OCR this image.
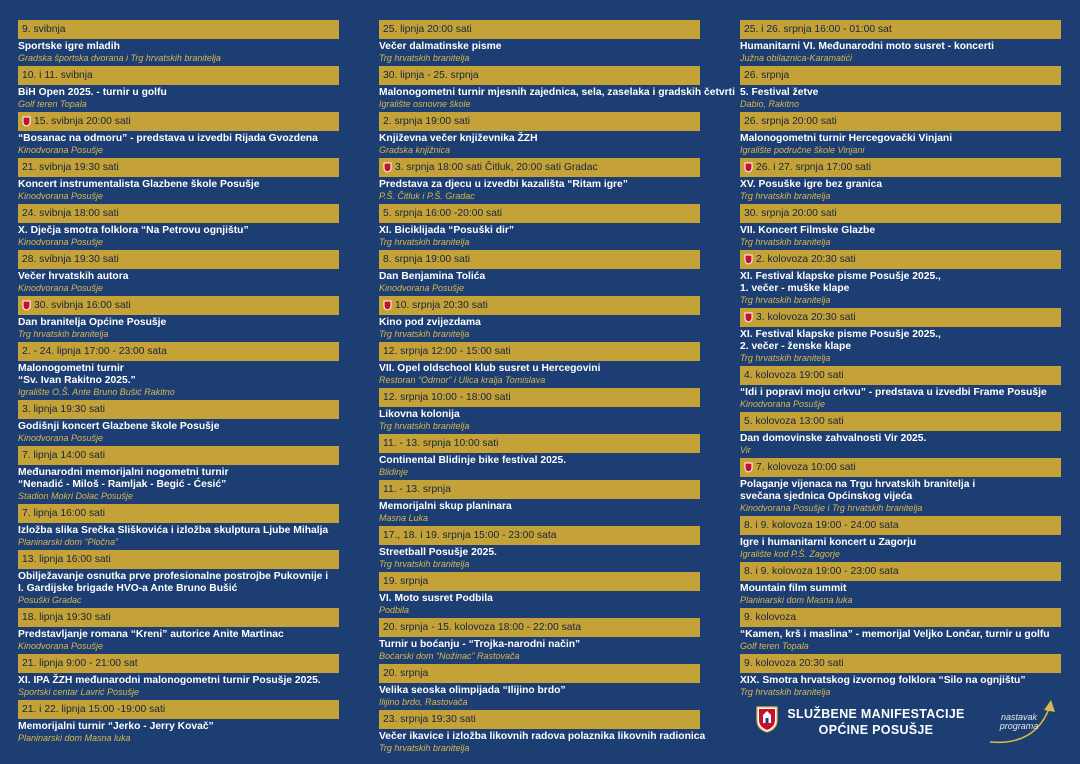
9. svibnja
Sportske igre mladih
Gradska športska dvorana i Trg hrvatskih branitelja
10. i 11. svibnja
BiH Open 2025. - turnir u golfu
Golf teren Topala
15. svibnja 20:00 sati
“Bosanac na odmoru” - predstava u izvedbi Rijada Gvozdena
Kinodvorana Posušje
21. svibnja 19:30 sati
Koncert instrumentalista Glazbene škole Posušje
Kinodvorana Posušje
24. svibnja 18:00 sati
X. Dječja smotra folklora “Na Petrovu ognjištu”
Kinodvorana Posušje
28. svibnja 19:30 sati
Večer hrvatskih autora
Kinodvorana Posušje
30. svibnja 16:00 sati
Dan branitelja Općine Posušje
Trg hrvatskih branitelja
2. - 24. lipnja 17:00 - 23:00 sata
Malonogometni turnir
“Sv. Ivan Rakitno 2025.”
Igralište O.Š. Ante Bruno Bušić Rakitno
3. lipnja 19:30 sati
Godišnji koncert Glazbene škole Posušje
Kinodvorana Posušje
7. lipnja 14:00 sati
Međunarodni memorijalni nogometni turnir
“Nenadić - Miloš - Ramljak - Begić - Ćesić”
Stadion Mokri Dolac Posušje
7. lipnja 16:00 sati
Izložba slika Srečka Sliškovića i izložba skulptura Ljube Mihalja
Planinarski dom “Pločna”
13. lipnja 16:00 sati
Obilježavanje osnutka prve profesionalne postrojbe Pukovnije i
I. Gardijske brigade HVO-a Ante Bruno Bušić
Posuški Gradac
18. lipnja 19:30 sati
Predstavljanje romana “Kreni” autorice Anite Martinac
Kinodvorana Posušje
21. lipnja 9:00 - 21:00 sat
XI. IPA ŽZH međunarodni malonogometni turnir Posušje 2025.
Sportski centar Lavrić Posušje
21. i 22. lipnja 15:00 -19:00 sati
Memorijalni turnir “Jerko - Jerry Kovač”
Planinarski dom Masna luka
25. lipnja 20:00 sati
Večer dalmatinske pisme
Trg hrvatskih branitelja
30. lipnja - 25. srpnja
Malonogometni turnir mjesnih zajednica, sela, zaselaka i gradskih četvrti
Igralište osnovne škole
2. srpnja 19:00 sati
Književna večer književnika ŽZH
Gradska knjižnica
3. srpnja 18:00 sati Čitluk, 20:00 sati Gradac
Predstava za djecu u izvedbi kazališta “Ritam igre”
P.Š. Čitluk i P.Š. Gradac
5. srpnja 16:00 -20:00 sati
XI. Biciklijada “Posuški dir”
Trg hrvatskih branitelja
8. srpnja 19:00 sati
Dan Benjamina Tolića
Kinodvorana Posušje
10. srpnja 20:30 sati
Kino pod zvijezdama
Trg hrvatskih branitelja
12. srpnja 12:00 - 15:00 sati
VII. Opel oldschool klub susret u Hercegovini
Restoran “Odmor” i Ulica kralja Tomislava
12. srpnja 10:00 - 18:00 sati
Likovna kolonija
Trg hrvatskih branitelja
11. - 13. srpnja 10:00 sati
Continental Blidinje bike festival 2025.
Blidinje
11. - 13. srpnja
Memorijalni skup planinara
Masna Luka
17., 18. i 19. srpnja 15:00 - 23:00 sata
Streetball Posušje 2025.
Trg hrvatskih branitelja
19. srpnja
VI. Moto susret Podbila
Podbila
20. srpnja - 15. kolovoza 18:00 - 22:00 sata
Turnir u boćanju - “Trojka-narodni način”
Boćarski dom “Nožinac” Rastovača
20. srpnja
Velika seoska olimpijada “Ilijino brdo”
Ilijino brdo, Rastovača
23. srpnja 19:30 sati
Večer ikavice i izložba likovnih radova polaznika likovnih radionica
Trg hrvatskih branitelja
25. i 26. srpnja 16:00 - 01:00 sat
Humanitarni VI. Međunarodni moto susret - koncerti
Južna obilaznica-Karamatići
26. srpnja
5. Festival žetve
Dabio, Rakitno
26. srpnja 20:00 sati
Malonogometni turnir Hercegovački Vinjani
Igralište područne škole Vinjani
26. i 27. srpnja 17:00 sati
XV. Posuške igre bez granica
Trg hrvatskih branitelja
30. srpnja 20:00 sati
VII. Koncert Filmske Glazbe
Trg hrvatskih branitelja
2. kolovoza 20:30 sati
XI. Festival klapske pisme Posušje 2025.,
1. večer - muške klape
Trg hrvatskih branitelja
3. kolovoza 20:30 sati
XI. Festival klapske pisme Posušje 2025.,
2. večer - ženske klape
Trg hrvatskih branitelja
4. kolovoza 19:00 sati
“Idi i popravi moju crkvu” - predstava u izvedbi Frame Posušje
Kinodvorana Posušje
5. kolovoza 13:00 sati
Dan domovinske zahvalnosti Vir 2025.
Vir
7. kolovoza 10:00 sati
Polaganje vijenaca na Trgu hrvatskih branitelja i
svečana sjednica Općinskog vijeća
Kinodvorana Posušje i Trg hrvatskih branitelja
8. i 9. kolovoza 19:00 - 24:00 sata
Igre i humanitarni koncert u Zagorju
Igralište kod P.Š. Zagorje
8. i 9. kolovoza 19:00 - 23:00 sata
Mountain film summit
Planinarski dom Masna luka
9. kolovoza
“Kamen, krš i maslina” - memorijal Veljko Lončar, turnir u golfu
Golf teren Topala
9. kolovoza 20:30 sati
XIX. Smotra hrvatskog izvornog folklora “Silo na ognjištu”
Trg hrvatskih branitelja
SLUŽBENE MANIFESTACIJE
OPĆINE POSUŠJE
nastavak
programa
